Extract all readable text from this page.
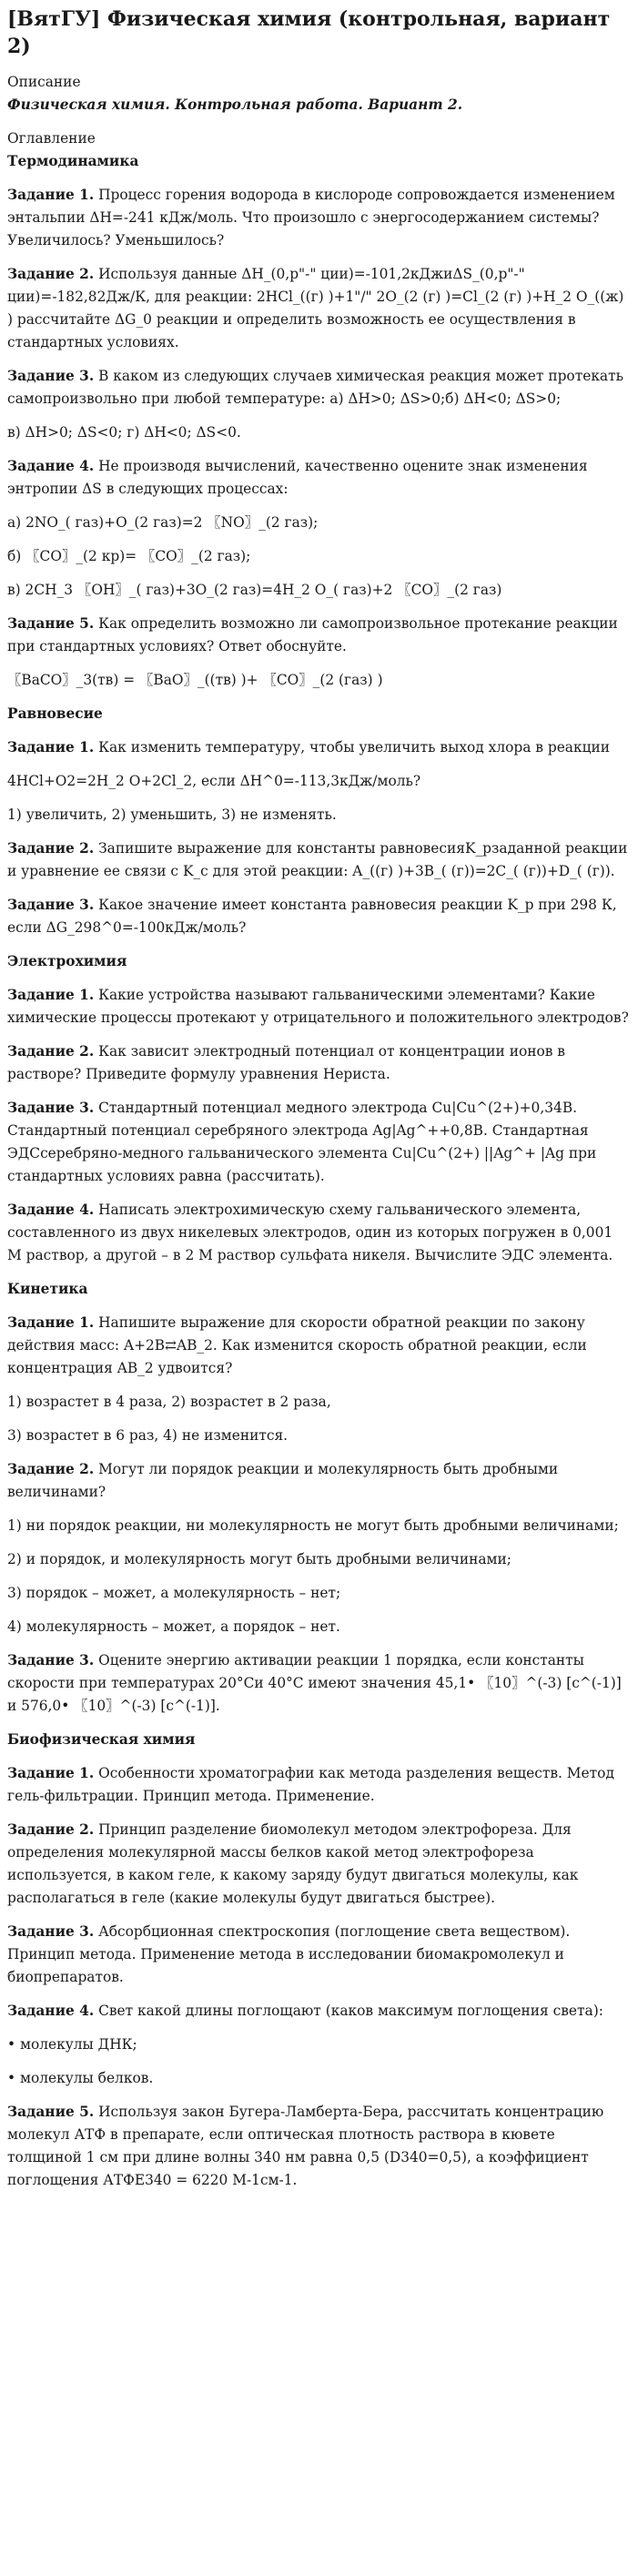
[ВятГУ] Физическая химия (контрольная, вариант 2)
Описание
Физическая химия. Контрольная работа. Вариант 2.
Оглавление
Термодинамика

Задание 1. Процесс горения водорода в кислороде сопровождается изменением энтальпии ΔH=-241 кДж/моль. Что произошло с энергосодержанием системы?Увеличилось? Уменьшилось?

Задание 2. Используя данные ΔH_(0,р"-" ции)=-101,2кДжиΔS_(0,р"-" ции)=-182,82Дж/К, для реакции: 2HCl_((г) )+1"/" 2O_(2 (г) )=Cl_(2 (г) )+H_2 O_((ж) ) рассчитайте ΔG_0 реакции и определить возможность ее осуществления в стандартных условиях.

Задание 3. В каком из следующих случаев химическая реакция может протекать самопроизвольно при любой температуре: а) ΔH>0; ΔS>0;б) ΔH<0; ΔS>0;

в) ΔH>0; ΔS<0; г) ΔH<0; ΔS<0.

Задание 4. Не производя вычислений, качественно оцените знак изменения энтропии ΔS в следующих процессах:

а) 2NO_( газ)+O_(2 газ)=2 〖NO〗_(2 газ);

б) 〖CO〗_(2 кр)= 〖CO〗_(2 газ);

в) 2CH_3 〖OH〗_( газ)+3O_(2 газ)=4H_2 O_( газ)+2 〖CO〗_(2 газ)

Задание 5. Как определить возможно ли самопроизвольное протекание реакции при стандартных условиях? Ответ обоснуйте.

〖BaCO〗_3(тв) = 〖BaO〗_((тв) )+ 〖CO〗_(2 (газ) )

Равновесие

Задание 1. Как изменить температуру, чтобы увеличить выход хлора в реакции

4HCl+O2=2H_2 O+2Cl_2, если ΔH^0=-113,3кДж/моль?

1) увеличить, 2) уменьшить, 3) не изменять.

Задание 2. Запишите выражение для константы равновесияK_рзаданной реакции и уравнение ее связи с K_c для этой реакции: A_((г) )+3B_( (г))=2C_( (г))+D_( (г)).

Задание 3. Какое значение имеет константа равновесия реакции K_р при 298 К, если ΔG_298^0=-100кДж/моль?

Электрохимия

Задание 1. Какие устройства называют гальваническими элементами? Какие химические процессы протекают у отрицательного и положительного электродов?

Задание 2. Как зависит электродный потенциал от концентрации ионов в растворе? Приведите формулу уравнения Нериста.

Задание 3. Стандартный потенциал медного электрода Cu|Cu^(2+)+0,34В. Стандартный потенциал серебряного электрода Ag|Ag^++0,8В. Стандартная ЭДСсеребряно-медного гальванического элемента Cu|Cu^(2+) ||Ag^+ |Ag при стандартных условиях равна (рассчитать).

Задание 4. Написать электрохимическую схему гальванического элемента, составленного из двух никелевых электродов, один из которых погружен в 0,001 М раствор, а другой – в 2 М раствор сульфата никеля. Вычислите ЭДС элемента.

Кинетика

Задание 1. Напишите выражение для скорости обратной реакции по закону действия масс: A+2B⇄AB_2. Как изменится скорость обратной реакции, если концентрация AB_2 удвоится?

1) возрастет в 4 раза, 2) возрастет в 2 раза,

3) возрастет в 6 раз, 4) не изменится.

Задание 2. Могут ли порядок реакции и молекулярность быть дробными величинами?

1) ни порядок реакции, ни молекулярность не могут быть дробными величинами;

2) и порядок, и молекулярность могут быть дробными величинами;

3) порядок – может, а молекулярность – нет;

4) молекулярность – может, а порядок – нет.

Задание 3. Оцените энергию активации реакции 1 порядка, если константы скорости при температурах 20°Cи 40°C имеют значения 45,1• 〖10〗^(-3) [c^(-1)] и 576,0• 〖10〗^(-3) [c^(-1)].

Биофизическая химия

Задание 1. Особенности хроматографии как метода разделения веществ. Метод гель-фильтрации. Принцип метода. Применение.

Задание 2. Принцип разделение биомолекул методом электрофореза. Для определения молекулярной массы белков какой метод электрофореза используется, в каком геле, к какому заряду будут двигаться молекулы, как располагаться в геле (какие молекулы будут двигаться быстрее).

Задание 3. Абсорбционная спектроскопия (поглощение света веществом). Принцип метода. Применение метода в исследовании биомакромолекул и биопрепаратов.

Задание 4. Свет какой длины поглощают (каков максимум поглощения света):

• молекулы ДНК;

• молекулы белков.

Задание 5. Используя закон Бугера-Ламберта-Бера, рассчитать концентрацию молекул АТФ в препарате, если оптическая плотность раствора в кювете толщиной 1 см при длине волны 340 нм равна 0,5 (D340=0,5), а коэффициент поглощения АТФЕ340 = 6220 М-1см-1.
